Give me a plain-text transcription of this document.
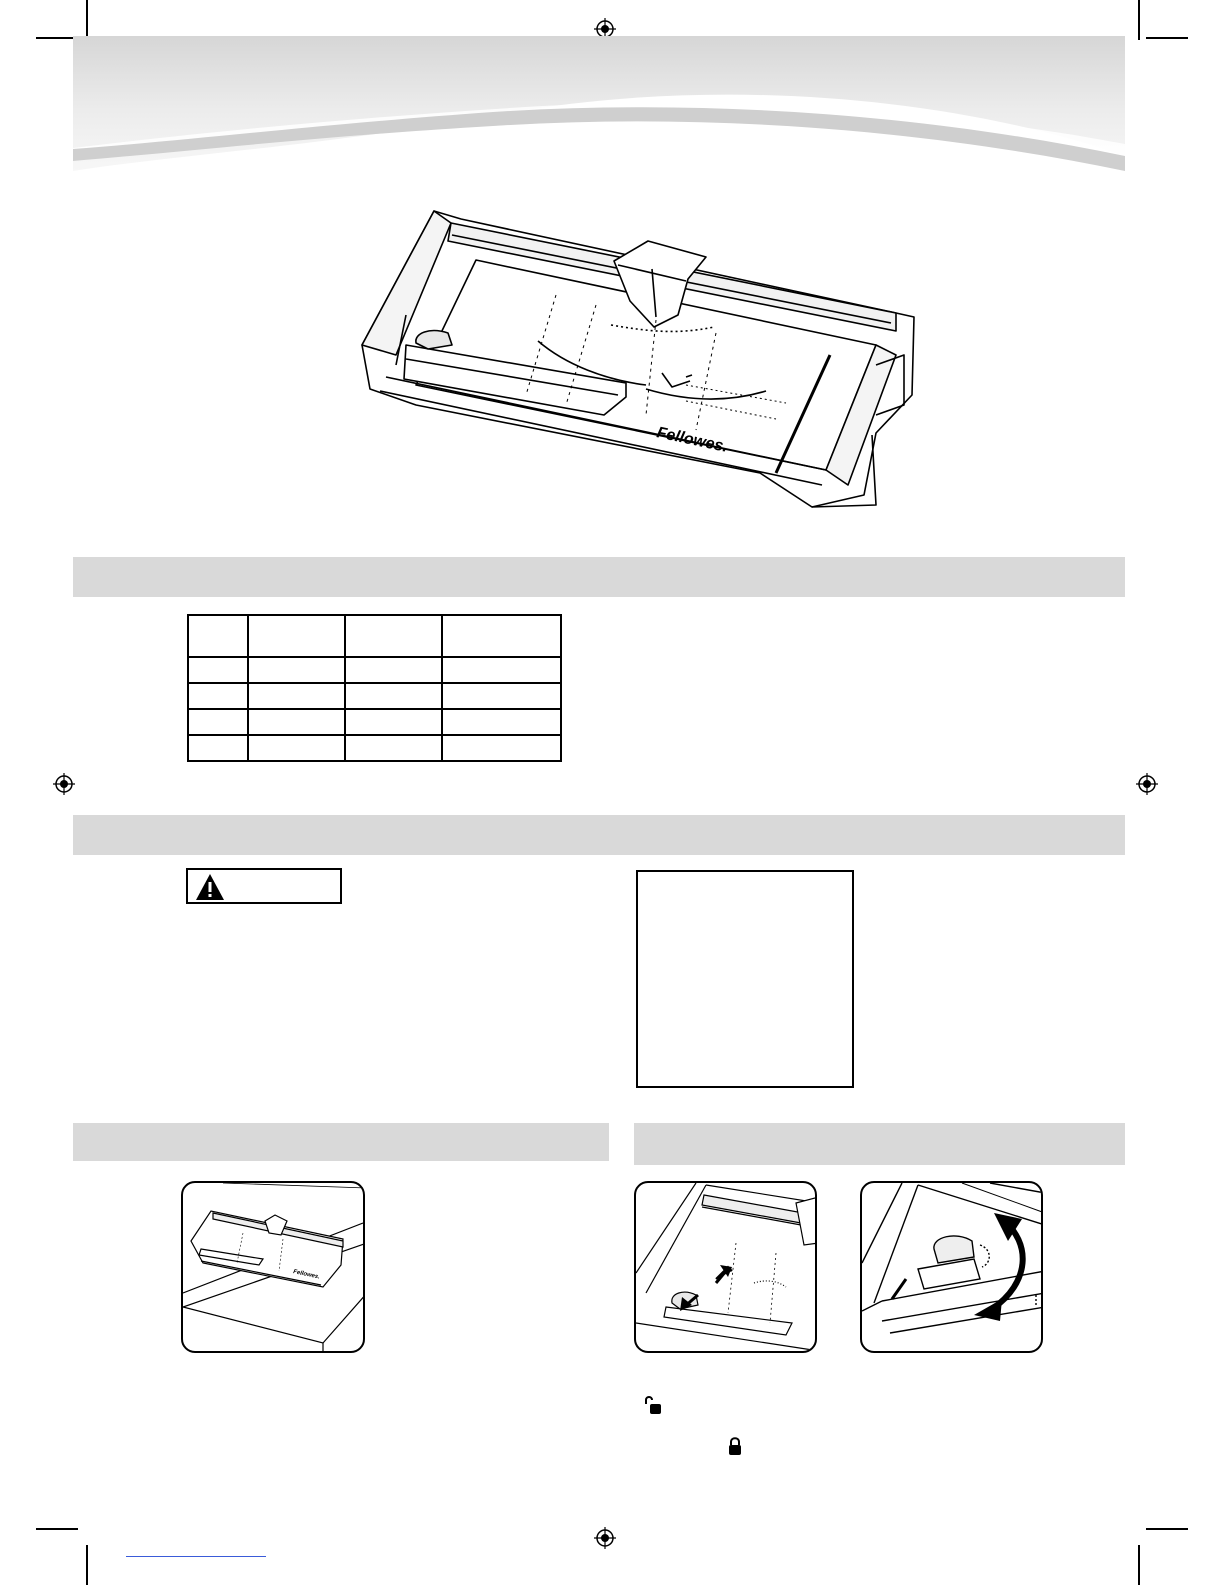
Fellowes.

Fellowes.
